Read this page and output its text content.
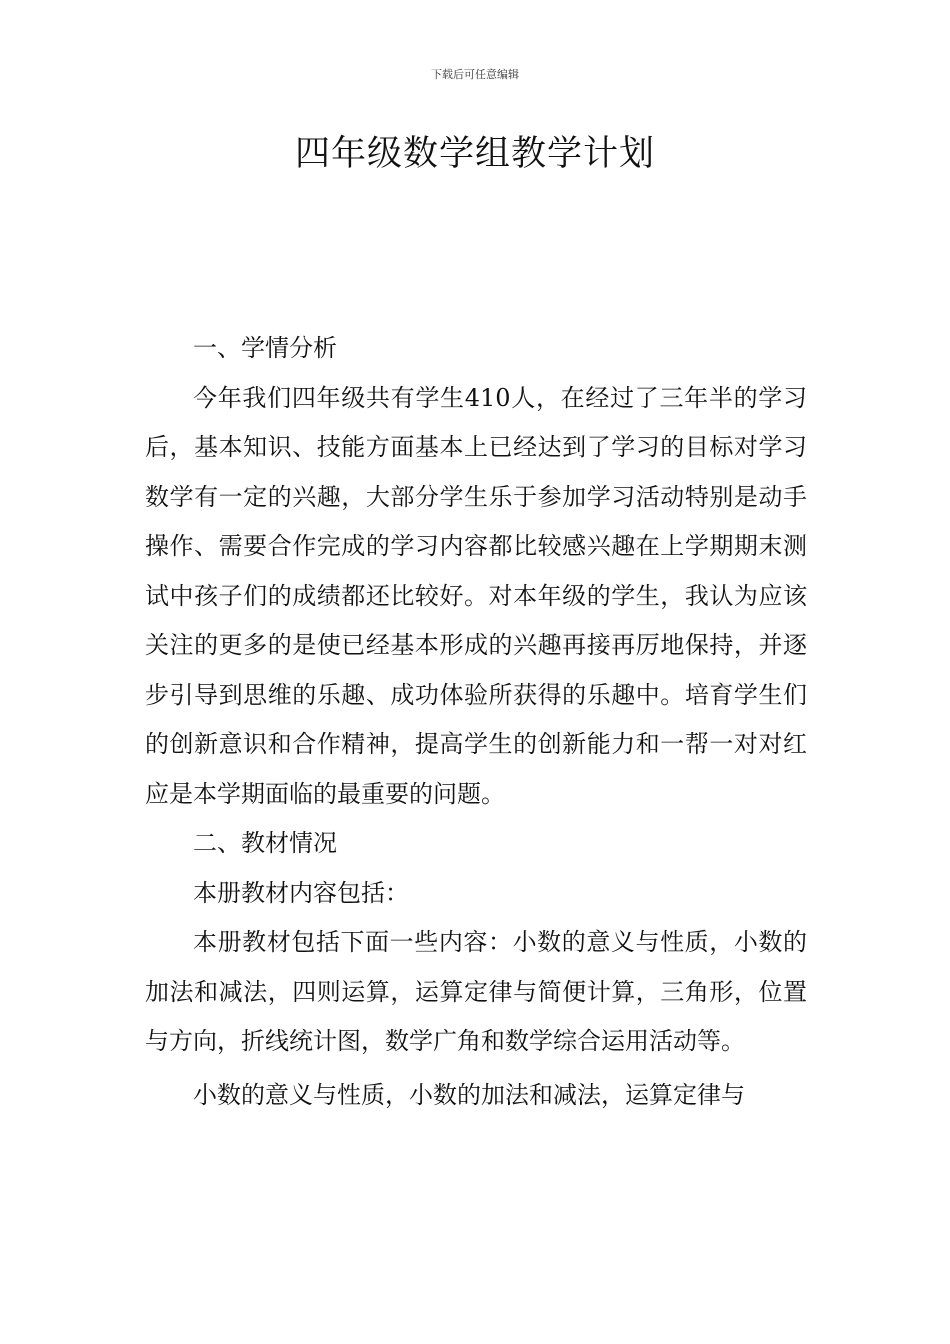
下载后可任意编辑
四年级数学组教学计划

一、学情分析

今年我们四年级共有学生410人，在经过了三年半的学习后，基本知识、技能方面基本上已经达到了学习的目标对学习数学有一定的兴趣，大部分学生乐于参加学习活动特别是动手操作、需要合作完成的学习内容都比较感兴趣在上学期期末测试中孩子们的成绩都还比较好。对本年级的学生，我认为应该关注的更多的是使已经基本形成的兴趣再接再厉地保持，并逐步引导到思维的乐趣、成功体验所获得的乐趣中。培育学生们的创新意识和合作精神，提高学生的创新能力和一帮一对对红应是本学期面临的最重要的问题。

二、教材情况

本册教材内容包括：

本册教材包括下面一些内容：小数的意义与性质，小数的加法和减法，四则运算，运算定律与简便计算，三角形，位置与方向，折线统计图，数学广角和数学综合运用活动等。

小数的意义与性质，小数的加法和减法，运算定律与
